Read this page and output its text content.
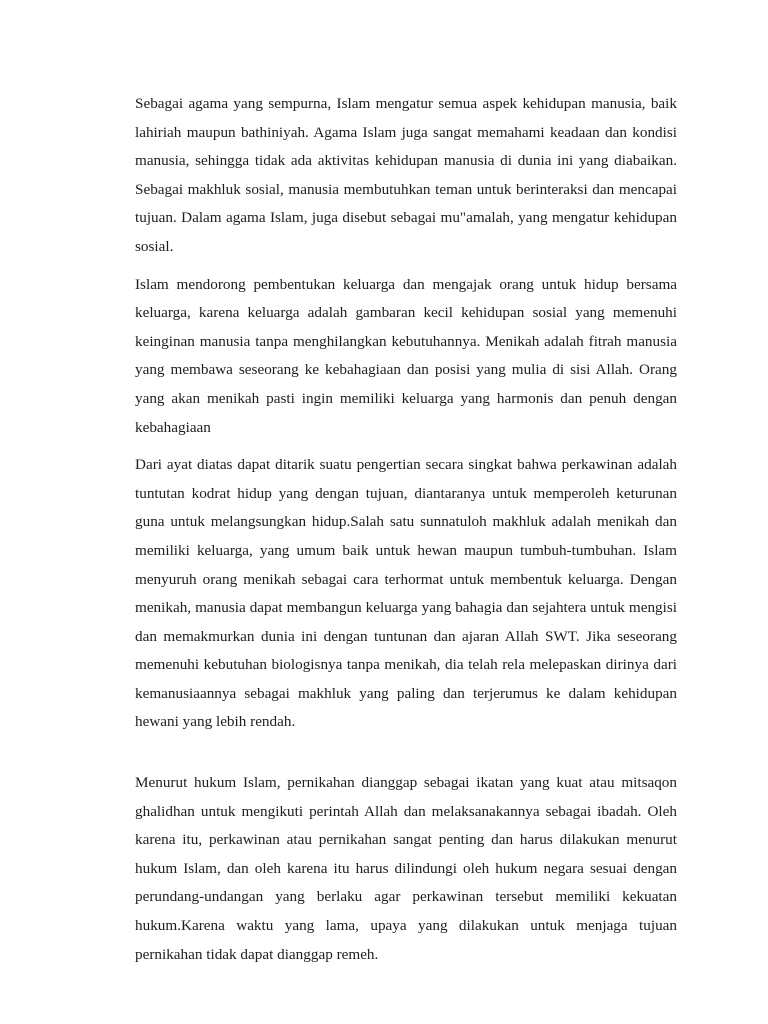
Sebagai agama yang sempurna, Islam mengatur semua aspek kehidupan manusia, baik lahiriah maupun bathiniyah. Agama Islam juga sangat memahami keadaan dan kondisi manusia, sehingga tidak ada aktivitas kehidupan manusia di dunia ini yang diabaikan. Sebagai makhluk sosial, manusia membutuhkan teman untuk berinteraksi dan mencapai tujuan. Dalam agama Islam, juga disebut sebagai mu"amalah, yang mengatur kehidupan sosial.

Islam mendorong pembentukan keluarga dan mengajak orang untuk hidup bersama keluarga, karena keluarga adalah gambaran kecil kehidupan sosial yang memenuhi keinginan manusia tanpa menghilangkan kebutuhannya. Menikah adalah fitrah manusia yang membawa seseorang ke kebahagiaan dan posisi yang mulia di sisi Allah. Orang yang akan menikah pasti ingin memiliki keluarga yang harmonis dan penuh dengan kebahagiaan

Dari ayat diatas dapat ditarik suatu pengertian secara singkat bahwa perkawinan adalah tuntutan kodrat hidup yang dengan tujuan, diantaranya untuk memperoleh keturunan guna untuk melangsungkan hidup.Salah satu sunnatuloh makhluk adalah menikah dan memiliki keluarga, yang umum baik untuk hewan maupun tumbuh-tumbuhan. Islam menyuruh orang menikah sebagai cara terhormat untuk membentuk keluarga. Dengan menikah, manusia dapat membangun keluarga yang bahagia dan sejahtera untuk mengisi dan memakmurkan dunia ini dengan tuntunan dan ajaran Allah SWT. Jika seseorang memenuhi kebutuhan biologisnya tanpa menikah, dia telah rela melepaskan dirinya dari kemanusiaannya sebagai makhluk yang paling dan terjerumus ke dalam kehidupan hewani yang lebih rendah.

Menurut hukum Islam, pernikahan dianggap sebagai ikatan yang kuat atau mitsaqon ghalidhan untuk mengikuti perintah Allah dan melaksanakannya sebagai ibadah. Oleh karena itu, perkawinan atau pernikahan sangat penting dan harus dilakukan menurut hukum Islam, dan oleh karena itu harus dilindungi oleh hukum negara sesuai dengan perundang-undangan yang berlaku agar perkawinan tersebut memiliki kekuatan hukum.Karena waktu yang lama, upaya yang dilakukan untuk menjaga tujuan pernikahan tidak dapat dianggap remeh.
